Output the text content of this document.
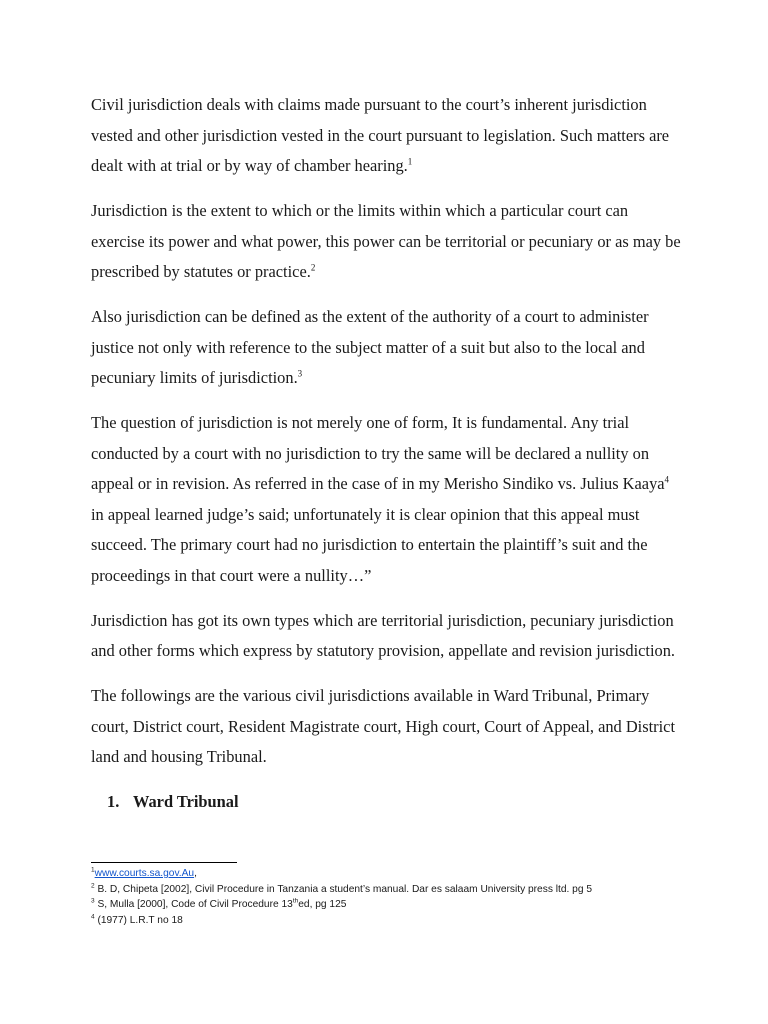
Civil jurisdiction deals with claims made pursuant to the court’s inherent jurisdiction vested and other jurisdiction vested in the court pursuant to legislation. Such matters are dealt with at trial or by way of chamber hearing.$^1$

Jurisdiction is the extent to which or the limits within which a particular court can exercise its power and what power, this power can be territorial or pecuniary or as may be prescribed by statutes or practice.$^2$

Also jurisdiction can be defined as the extent of the authority of a court to administer justice not only with reference to the subject matter of a suit but also to the local and pecuniary limits of jurisdiction.$^3$

The question of jurisdiction is not merely one of form, It is fundamental. Any trial conducted by a court with no jurisdiction to try the same will be declared a nullity on appeal or in revision. As referred in the case of in my Merisho Sindiko vs. Julius Kaaya$^4$ in appeal learned judge’s said; unfortunately it is clear opinion that this appeal must succeed. The primary court had no jurisdiction to entertain the plaintiff’s suit and the proceedings in that court were a nullity…”

Jurisdiction has got its own types which are territorial jurisdiction, pecuniary jurisdiction and other forms which express by statutory provision, appellate and revision jurisdiction.

The followings are the various civil jurisdictions available in Ward Tribunal, Primary court, District court, Resident Magistrate court, High court, Court of Appeal, and District land and housing Tribunal.

1. Ward Tribunal

$^1$www.courts.sa.gov.Au,

$^2$ B. D, Chipeta [2002], Civil Procedure in Tanzania a student’s manual. Dar es salaam University press ltd. pg 5

$^3$ S, Mulla [2000], Code of Civil Procedure 13thed, pg 125

$^4$ (1977) L.R.T no 18
